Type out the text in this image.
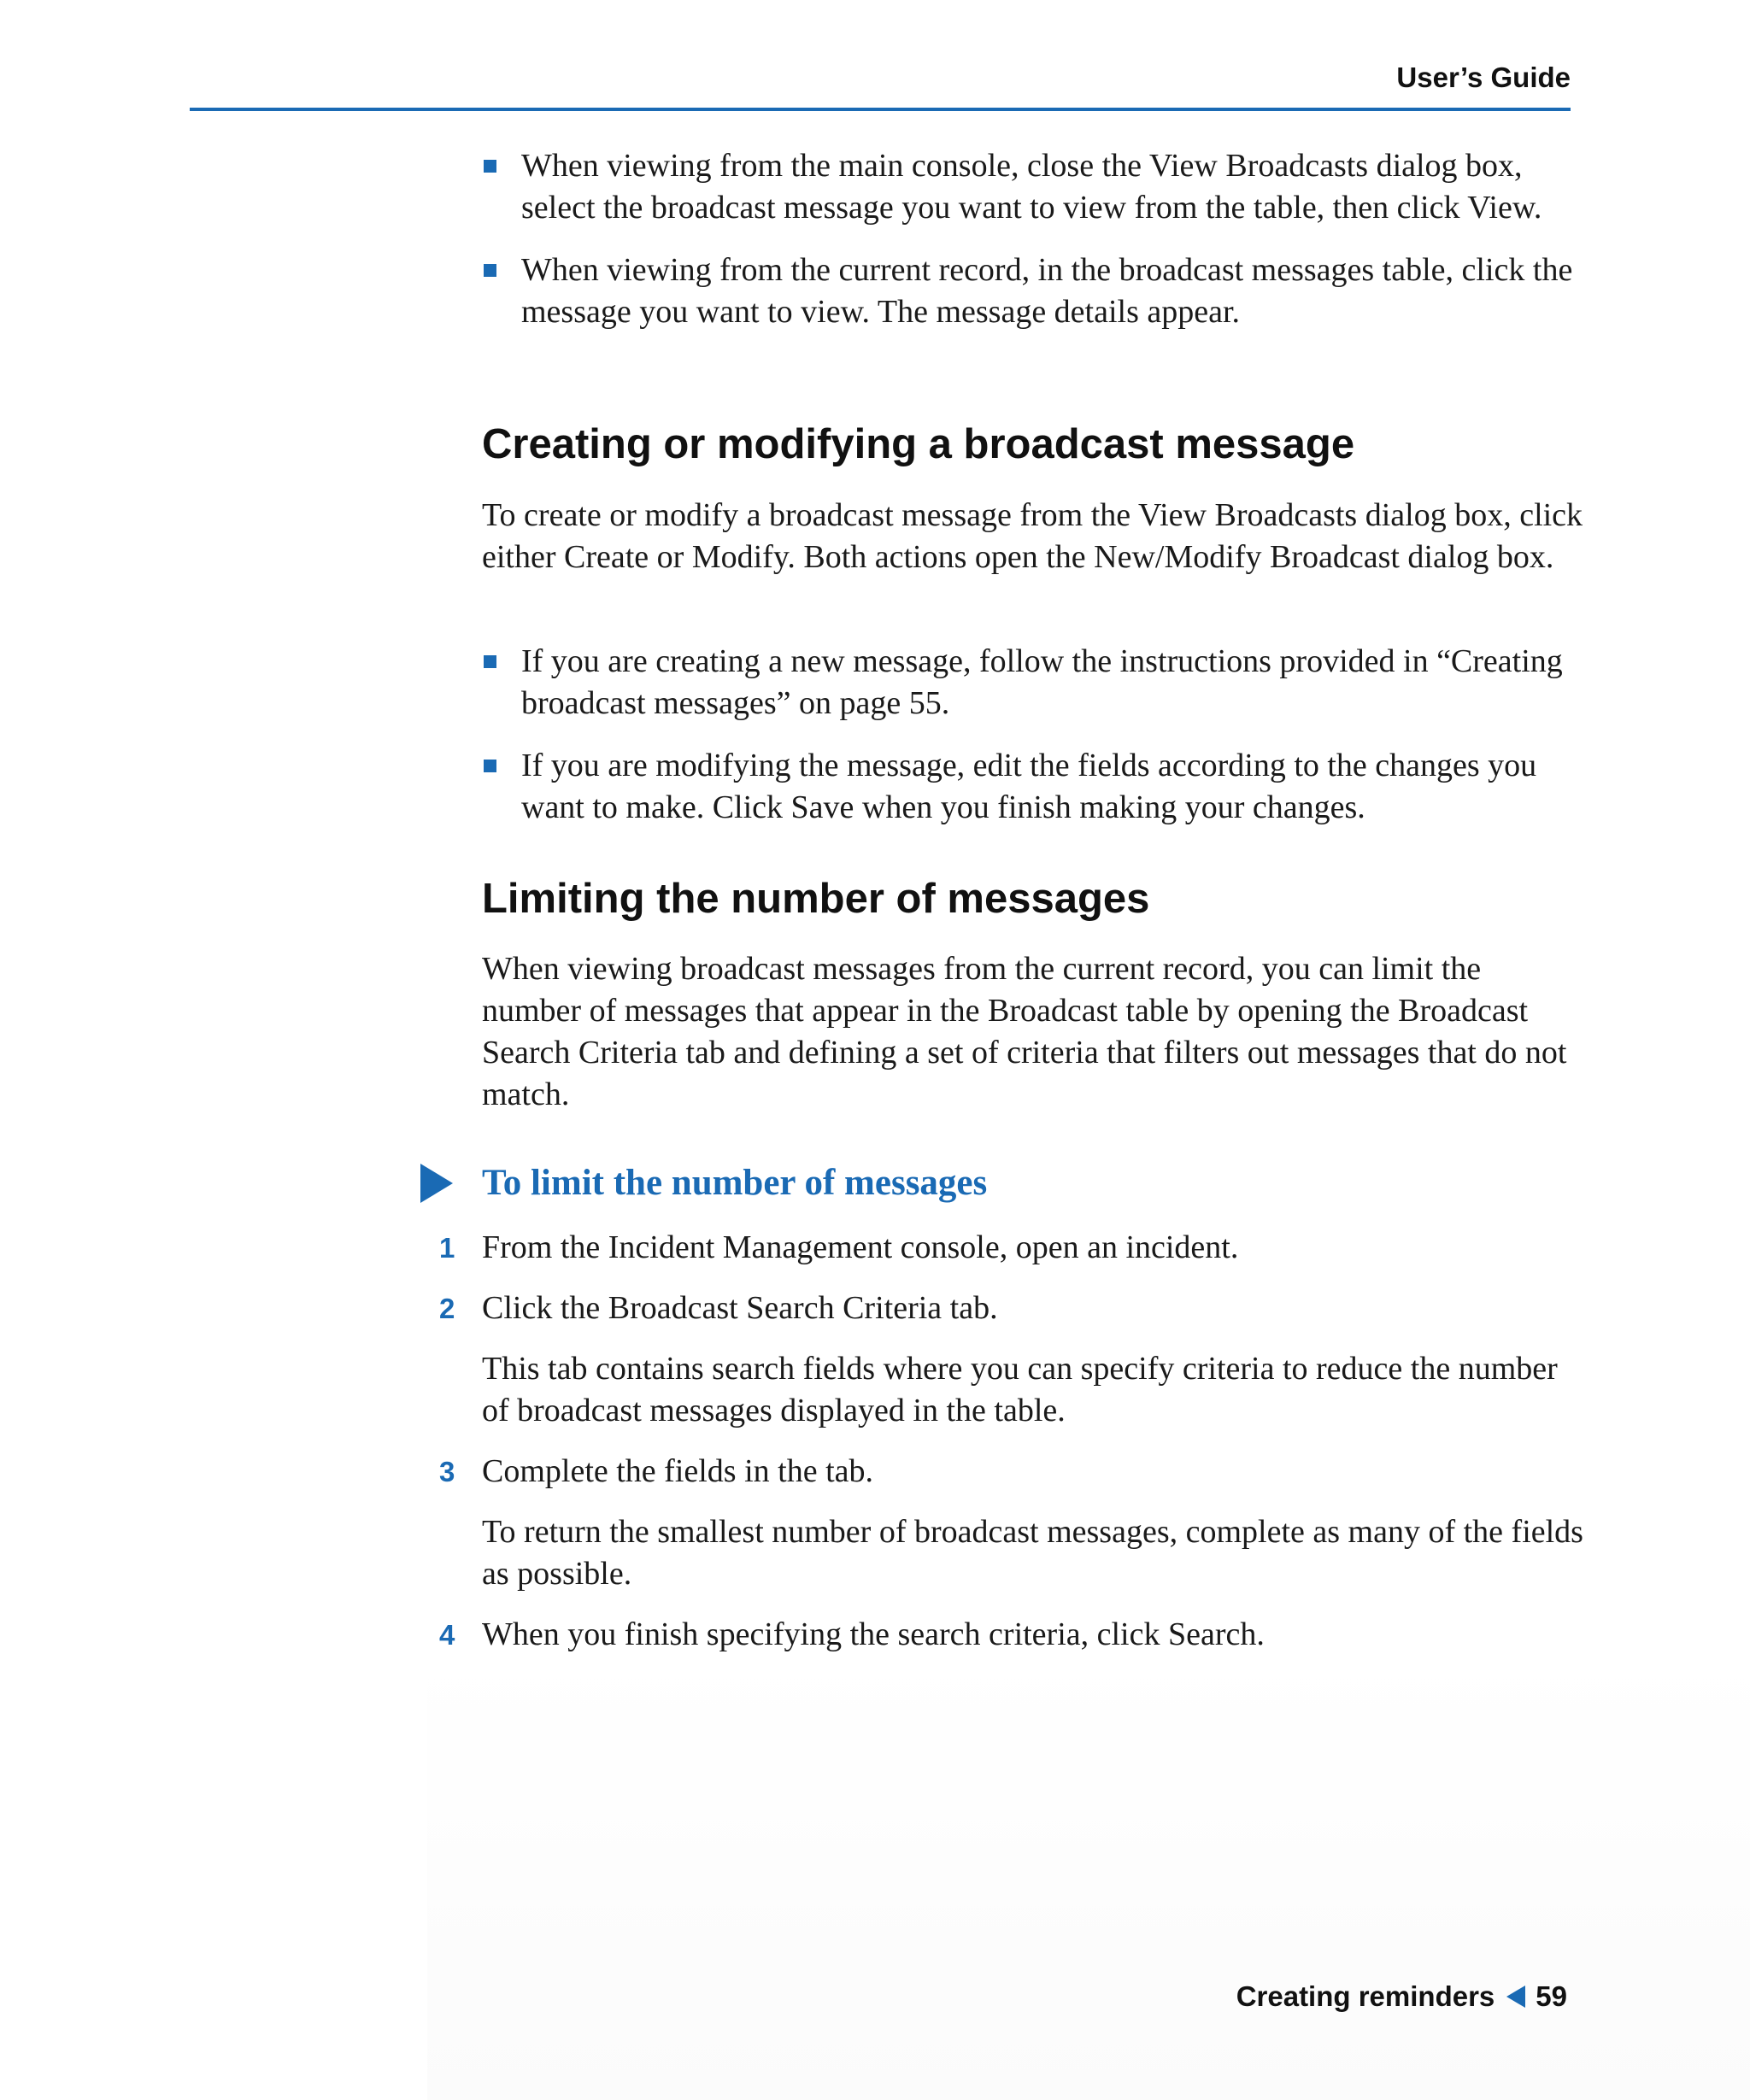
User’s Guide

When viewing from the main console, close the View Broadcasts dialog box, select the broadcast message you want to view from the table, then click View.

When viewing from the current record, in the broadcast messages table, click the message you want to view. The message details appear.

Creating or modifying a broadcast message

To create or modify a broadcast message from the View Broadcasts dialog box, click either Create or Modify. Both actions open the New/Modify Broadcast dialog box.

If you are creating a new message, follow the instructions provided in “Creating broadcast messages” on page 55.

If you are modifying the message, edit the fields according to the changes you want to make. Click Save when you finish making your changes.

Limiting the number of messages

When viewing broadcast messages from the current record, you can limit the number of messages that appear in the Broadcast table by opening the Broadcast Search Criteria tab and defining a set of criteria that filters out messages that do not match.

To limit the number of messages
1 From the Incident Management console, open an incident.
2 Click the Broadcast Search Criteria tab.

This tab contains search fields where you can specify criteria to reduce the number of broadcast messages displayed in the table.

3 Complete the fields in the tab.

To return the smallest number of broadcast messages, complete as many of the fields as possible.

4 When you finish specifying the search criteria, click Search.
Creating reminders 59
